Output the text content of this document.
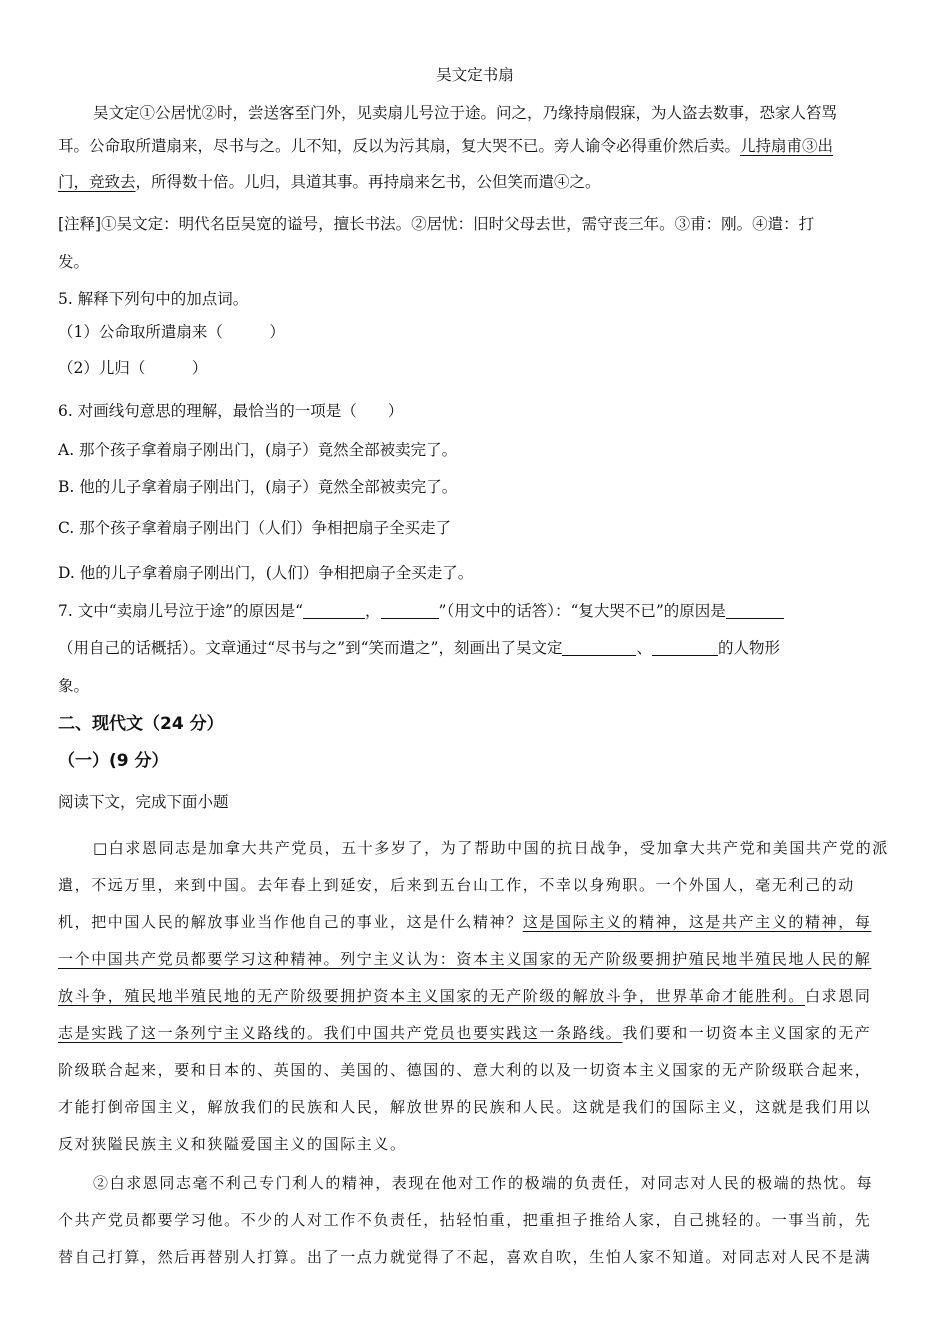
吴文定书扇
吴文定①公居忧②时，尝送客至门外，见卖扇儿号泣于途。问之，乃缘持扇假寐，为人盗去数事，恐家人笞骂
耳。公命取所遣扇来，尽书与之。儿不知，反以为污其扇，复大哭不已。旁人谕令必得重价然后卖。儿持扇甫③出
门，竞致去，所得数十倍。儿归，具道其事。再持扇来乞书，公但笑而遣④之。
[注释]①吴文定：明代名臣吴宽的谥号，擅长书法。②居忧：旧时父母去世，需守丧三年。③甫：刚。④遣：打
发。
5. 解释下列句中的加点词。
（1）公命取所遣扇来（　　　）
（2）儿归（　　　）
6. 对画线句意思的理解，最恰当的一项是（　　）
A. 那个孩子拿着扇子刚出门，(扇子）竟然全部被卖完了。
B. 他的儿子拿着扇子刚出门，(扇子）竟然全部被卖完了。
C. 那个孩子拿着扇子刚出门（人们）争相把扇子全买走了
D. 他的儿子拿着扇子刚出门，(人们）争相把扇子全买走了。
7. 文中“卖扇儿号泣于途”的原因是“	，	”（用文中的话答）：“复大哭不已”的原因是
（用自己的话概括）。文章通过“尽书与之”到“笑而遣之”，刻画出了吴文定	、	的人物形
象。
二、现代文（24 分）
（一）(9 分）
阅读下文，完成下面小题
□白求恩同志是加拿大共产党员，五十多岁了，为了帮助中国的抗日战争，受加拿大共产党和美国共产党的派
遣，不远万里，来到中国。去年春上到延安，后来到五台山工作，不幸以身殉职。一个外国人，毫无利己的动
机，把中国人民的解放事业当作他自己的事业，这是什么精神？这是国际主义的精神，这是共产主义的精神，每
一个中国共产党员都要学习这种精神。列宁主义认为：资本主义国家的无产阶级要拥护殖民地半殖民地人民的解
放斗争，殖民地半殖民地的无产阶级要拥护资本主义国家的无产阶级的解放斗争，世界革命才能胜利。白求恩同
志是实践了这一条列宁主义路线的。我们中国共产党员也要实践这一条路线。我们要和一切资本主义国家的无产
阶级联合起来，要和日本的、英国的、美国的、德国的、意大利的以及一切资本主义国家的无产阶级联合起来，
才能打倒帝国主义，解放我们的民族和人民，解放世界的民族和人民。这就是我们的国际主义，这就是我们用以
反对狭隘民族主义和狭隘爱国主义的国际主义。
②白求恩同志毫不利己专门利人的精神，表现在他对工作的极端的负责任，对同志对人民的极端的热忱。每
个共产党员都要学习他。不少的人对工作不负责任，拈轻怕重，把重担子推给人家，自己挑轻的。一事当前，先
替自己打算，然后再替别人打算。出了一点力就觉得了不起，喜欢自吹，生怕人家不知道。对同志对人民不是满
